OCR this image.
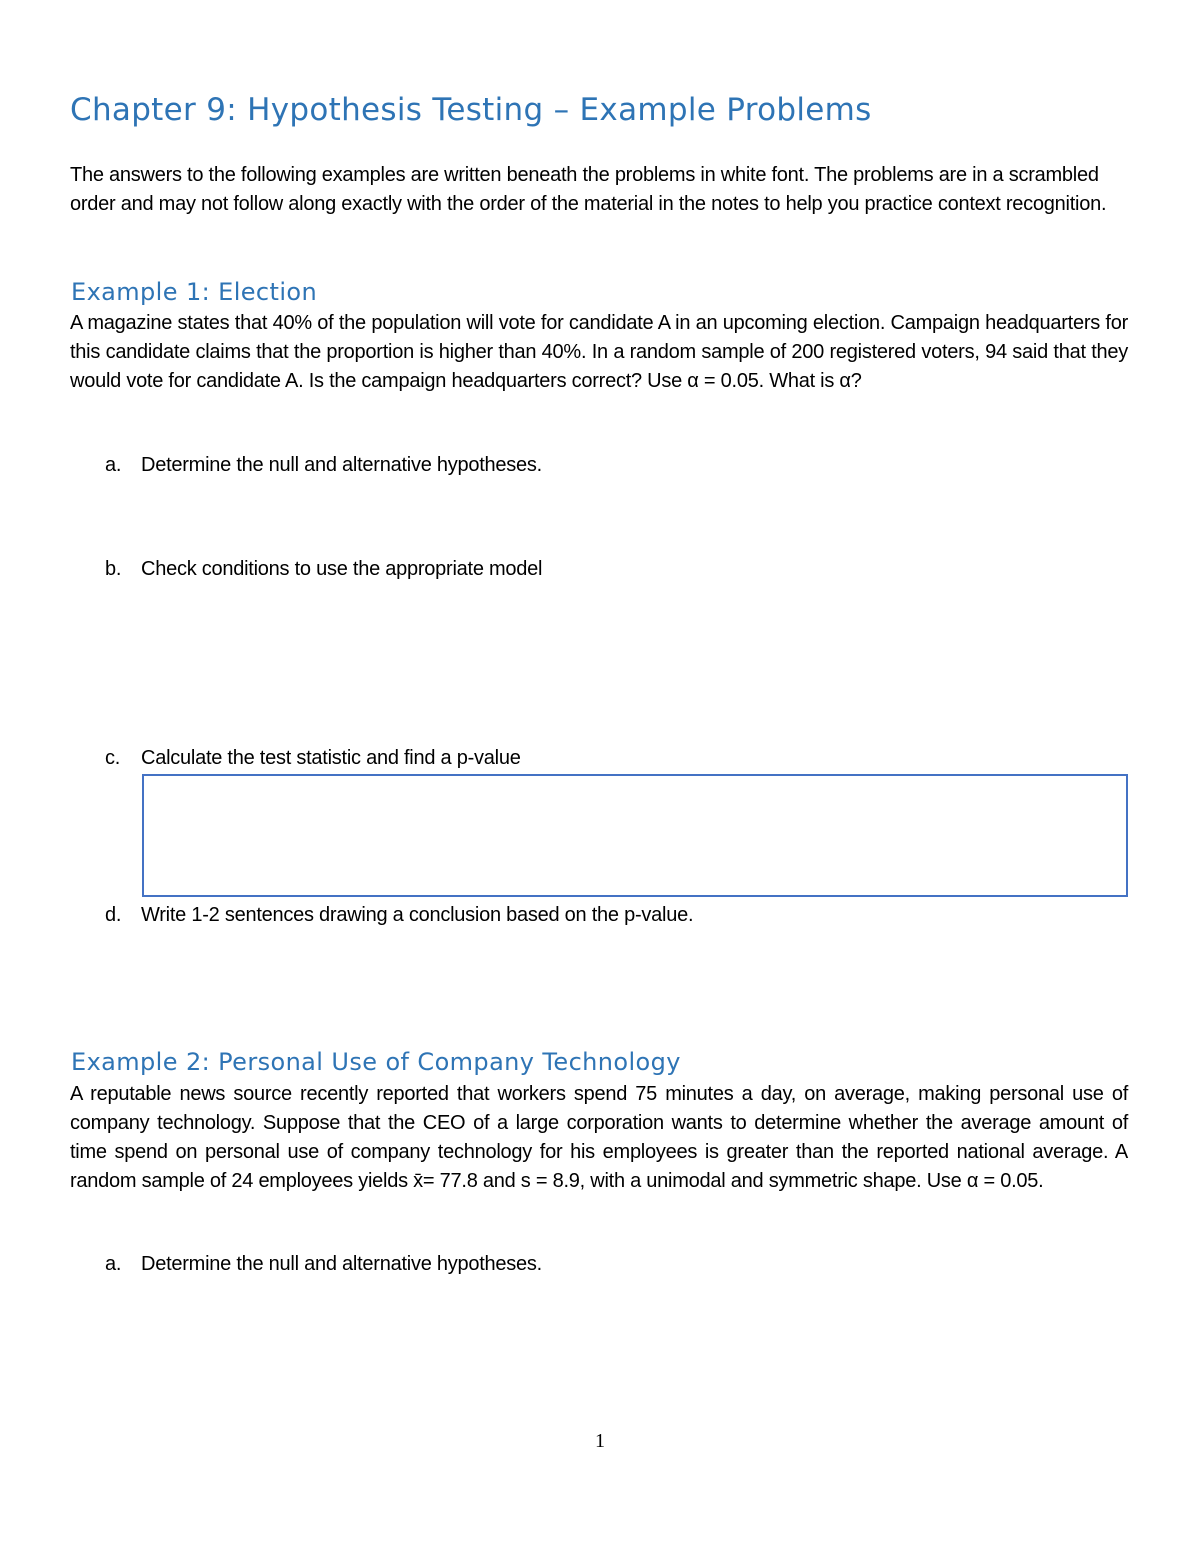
Chapter 9: Hypothesis Testing – Example Problems
The answers to the following examples are written beneath the problems in white font. The problems are in a scrambled order and may not follow along exactly with the order of the material in the notes to help you practice context recognition.
Example 1: Election
A magazine states that 40% of the population will vote for candidate A in an upcoming election. Campaign headquarters for this candidate claims that the proportion is higher than 40%. In a random sample of 200 registered voters, 94 said that they would vote for candidate A. Is the campaign headquarters correct? Use α = 0.05. What is α?
a. Determine the null and alternative hypotheses.
b. Check conditions to use the appropriate model
c. Calculate the test statistic and find a p-value
d. Write 1-2 sentences drawing a conclusion based on the p-value.
Example 2: Personal Use of Company Technology
A reputable news source recently reported that workers spend 75 minutes a day, on average, making personal use of company technology. Suppose that the CEO of a large corporation wants to determine whether the average amount of time spend on personal use of company technology for his employees is greater than the reported national average. A random sample of 24 employees yields x̄= 77.8 and s = 8.9, with a unimodal and symmetric shape. Use α = 0.05.
a. Determine the null and alternative hypotheses.
1
